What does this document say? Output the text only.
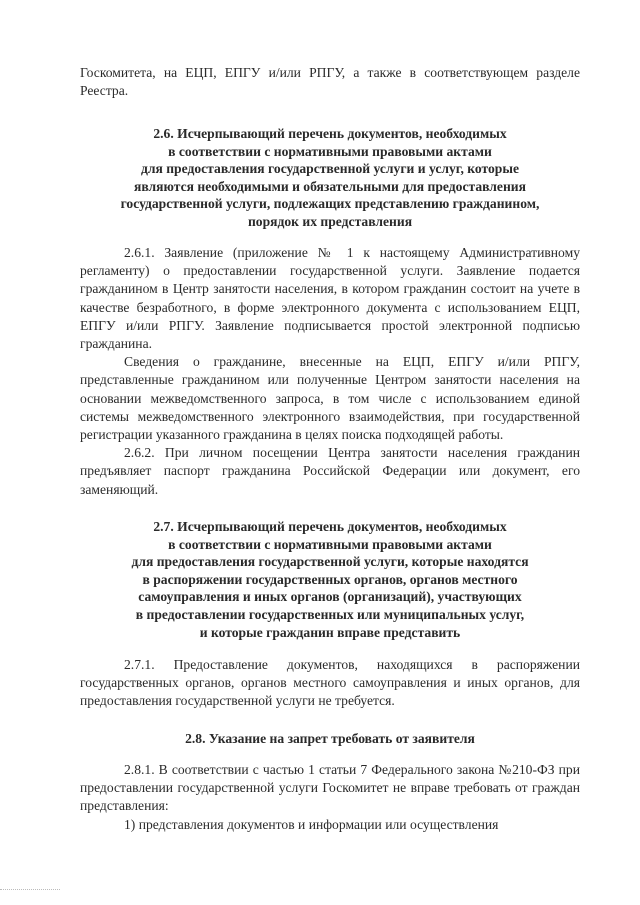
Госкомитета, на ЕЦП, ЕПГУ и/или РПГУ, а также в соответствующем разделе Реестра.

2.6. Исчерпывающий перечень документов, необходимых
в соответствии с нормативными правовыми актами
для предоставления государственной услуги и услуг, которые
являются необходимыми и обязательными для предоставления
государственной услуги, подлежащих представлению гражданином,
порядок их представления

2.6.1. Заявление (приложение № 1 к настоящему Административному регламенту) о предоставлении государственной услуги. Заявление подается гражданином в Центр занятости населения, в котором гражданин состоит на учете в качестве безработного, в форме электронного документа с использованием ЕЦП, ЕПГУ и/или РПГУ. Заявление подписывается простой электронной подписью гражданина.

Сведения о гражданине, внесенные на ЕЦП, ЕПГУ и/или РПГУ, представленные гражданином или полученные Центром занятости населения на основании межведомственного запроса, в том числе с использованием единой системы межведомственного электронного взаимодействия, при государственной регистрации указанного гражданина в целях поиска подходящей работы.

2.6.2. При личном посещении Центра занятости населения гражданин предъявляет паспорт гражданина Российской Федерации или документ, его заменяющий.

2.7. Исчерпывающий перечень документов, необходимых
в соответствии с нормативными правовыми актами
для предоставления государственной услуги, которые находятся
в распоряжении государственных органов, органов местного
самоуправления и иных органов (организаций), участвующих
в предоставлении государственных или муниципальных услуг,
и которые гражданин вправе представить

2.7.1. Предоставление документов, находящихся в распоряжении государственных органов, органов местного самоуправления и иных органов, для предоставления государственной услуги не требуется.

2.8. Указание на запрет требовать от заявителя

2.8.1. В соответствии с частью 1 статьи 7 Федерального закона №210-ФЗ при предоставлении государственной услуги Госкомитет не вправе требовать от граждан представления:

1) представления документов и информации или осуществления
